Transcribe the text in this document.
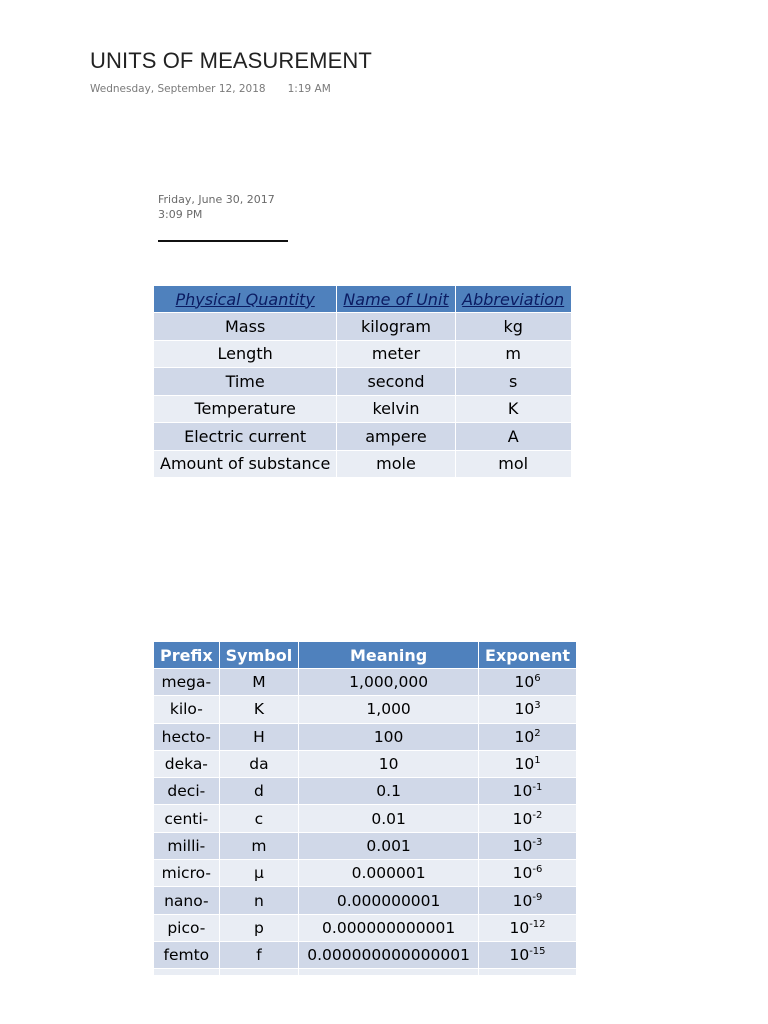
UNITS OF MEASUREMENT
Wednesday, September 12, 2018 1:19 AM
Friday, June 30, 2017
3:09 PM
Physical Quantity	Name of Unit	Abbreviation
Mass	kilogram	kg
Length	meter	m
Time	second	s
Temperature	kelvin	K
Electric current	ampere	A
Amount of substance	mole	mol
Prefix	Symbol	Meaning	Exponent
mega-	M	1,000,000	$10^6$
kilo-	K	1,000	$10^3$
hecto-	H	100	$10^2$
deka-	da	10	$10^1$
deci-	d	0.1	$10^{-1}$
centi-	c	0.01	$10^{-2}$
milli-	m	0.001	$10^{-3}$
micro-	μ	0.000001	$10^{-6}$
nano-	n	0.000000001	$10^{-9}$
pico-	p	0.000000000001	$10^{-12}$
femto	f	0.000000000000001	$10^{-15}$
